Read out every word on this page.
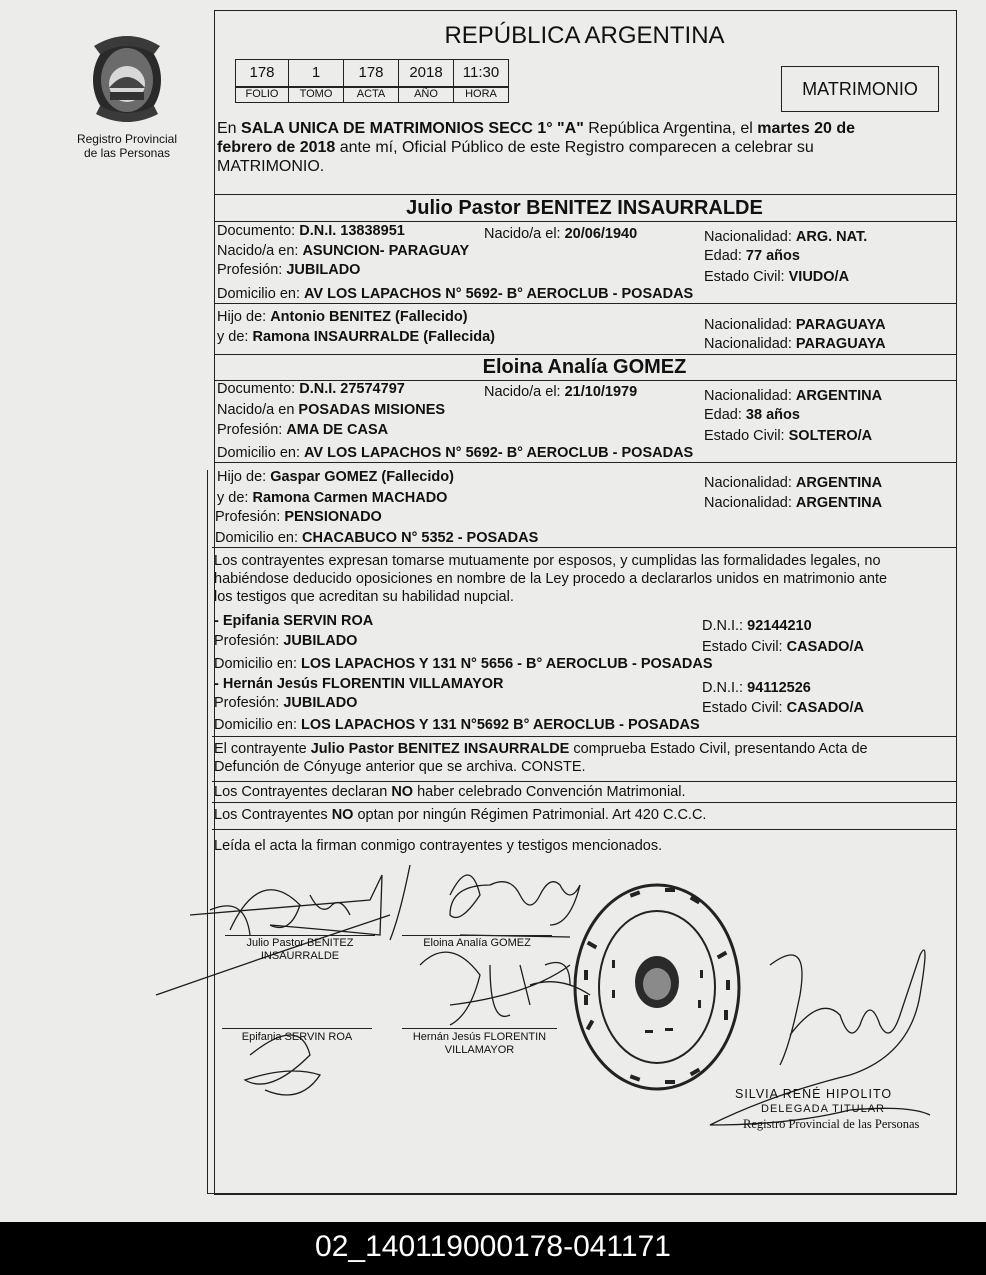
Registro Provincial
de las Personas
REPÚBLICA ARGENTINA
178	1	178	2018	11:30
FOLIO	TOMO	ACTA	AÑO	HORA	MATRIMONIO
En SALA UNICA DE MATRIMONIOS SECC 1° "A" República Argentina, el martes 20 de
febrero de 2018 ante mí, Oficial Público de este Registro comparecen a celebrar su
MATRIMONIO.
Julio Pastor BENITEZ INSAURRALDE
Documento: D.N.I. 13838951	Nacido/a el: 20/06/1940	Nacionalidad: ARG. NAT.
Nacido/a en: ASUNCION- PARAGUAY	Edad: 77 años
Profesión: JUBILADO	Estado Civil: VIUDO/A
Domicilio en: AV LOS LAPACHOS N° 5692- B° AEROCLUB - POSADAS
Hijo de: Antonio BENITEZ (Fallecido)	Nacionalidad: PARAGUAYA
y de: Ramona INSAURRALDE (Fallecida)	Nacionalidad: PARAGUAYA
Eloina Analía GOMEZ
Documento: D.N.I. 27574797	Nacido/a el: 21/10/1979	Nacionalidad: ARGENTINA
Nacido/a en POSADAS MISIONES	Edad: 38 años
Profesión: AMA DE CASA	Estado Civil: SOLTERO/A
Domicilio en: AV LOS LAPACHOS N° 5692- B° AEROCLUB - POSADAS
Hijo de: Gaspar GOMEZ (Fallecido)	Nacionalidad: ARGENTINA
y de: Ramona Carmen MACHADO	Nacionalidad: ARGENTINA
Profesión: PENSIONADO
Domicilio en: CHACABUCO N° 5352 - POSADAS
Los contrayentes expresan tomarse mutuamente por esposos, y cumplidas las formalidades legales, no
habiéndose deducido oposiciones en nombre de la Ley procedo a declararlos unidos en matrimonio ante
los testigos que acreditan su habilidad nupcial.
- Epifania SERVIN ROA	D.N.I.: 92144210
Profesión: JUBILADO	Estado Civil: CASADO/A
Domicilio en: LOS LAPACHOS Y 131 N° 5656 - B° AEROCLUB - POSADAS
- Hernán Jesús FLORENTIN VILLAMAYOR	D.N.I.: 94112526
Profesión: JUBILADO	Estado Civil: CASADO/A
Domicilio en: LOS LAPACHOS Y 131 N°5692 B° AEROCLUB - POSADAS
El contrayente Julio Pastor BENITEZ INSAURRALDE comprueba Estado Civil, presentando Acta de
Defunción de Cónyuge anterior que se archiva. CONSTE.
Los Contrayentes declaran NO haber celebrado Convención Matrimonial.
Los Contrayentes NO optan por ningún Régimen Patrimonial. Art 420 C.C.C.
Leída el acta la firman conmigo contrayentes y testigos mencionados.
Julio Pastor BENITEZ
INSAURRALDE
Eloina Analía GOMEZ
Epifania SERVIN ROA	Hernán Jesús FLORENTIN
VILLAMAYOR
SILVIA RENÉ HIPOLITO
DELEGADA TITULAR
Registro Provincial de las Personas
02_140119000178-041171
